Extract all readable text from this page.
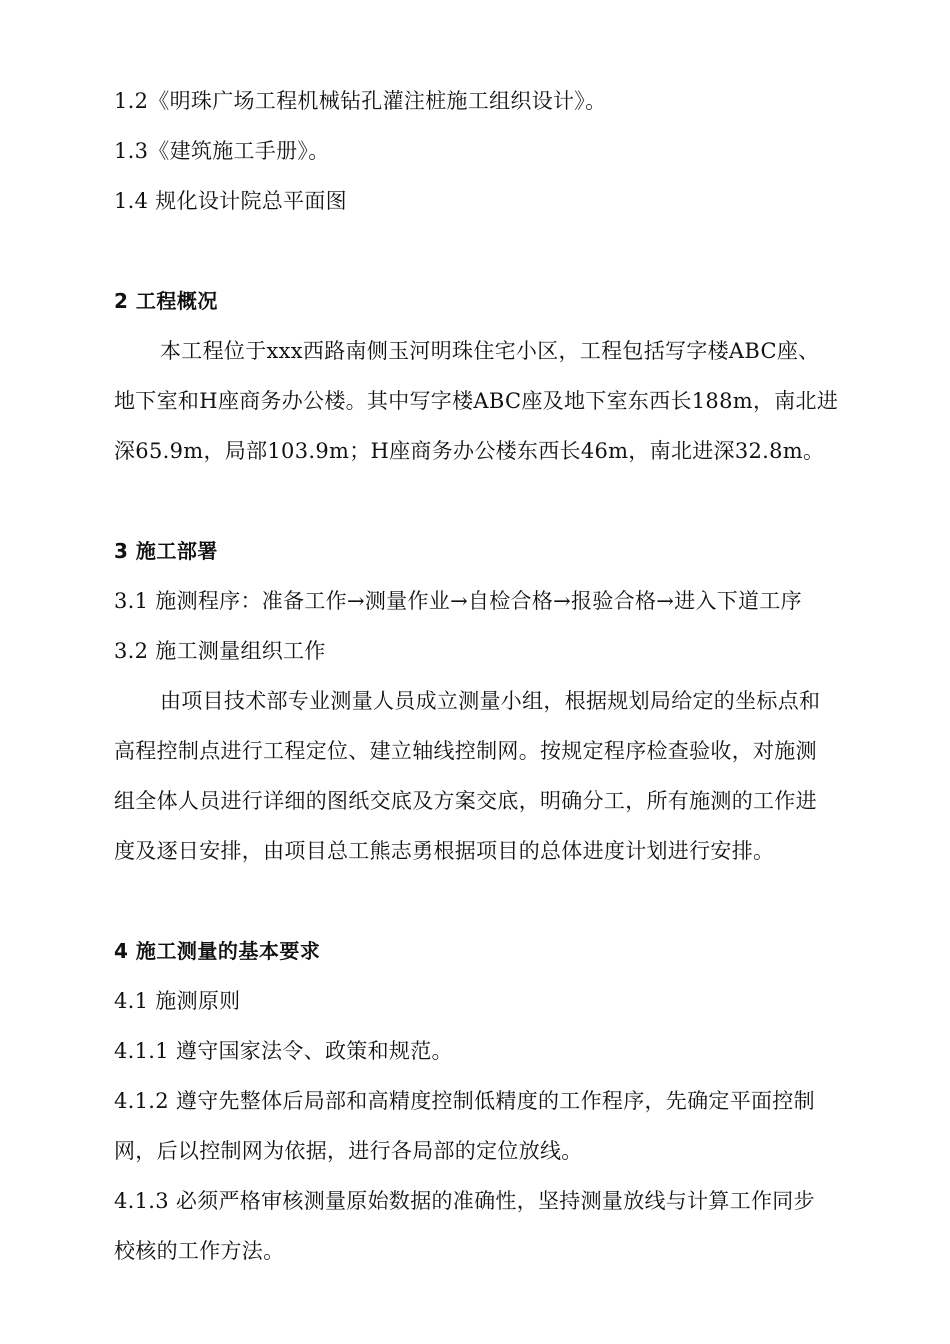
1.2《明珠广场工程机械钻孔灌注桩施工组织设计》。

1.3《建筑施工手册》。

1.4 规化设计院总平面图

2 工程概况

本工程位于xxx西路南侧玉河明珠住宅小区，工程包括写字楼ABC座、

地下室和H座商务办公楼。其中写字楼ABC座及地下室东西长188m，南北进

深65.9m，局部103.9m；H座商务办公楼东西长46m，南北进深32.8m。

3 施工部署

3.1 施测程序：准备工作→测量作业→自检合格→报验合格→进入下道工序

3.2 施工测量组织工作

由项目技术部专业测量人员成立测量小组，根据规划局给定的坐标点和

高程控制点进行工程定位、建立轴线控制网。按规定程序检查验收，对施测

组全体人员进行详细的图纸交底及方案交底，明确分工，所有施测的工作进

度及逐日安排，由项目总工熊志勇根据项目的总体进度计划进行安排。

4 施工测量的基本要求

4.1 施测原则

4.1.1 遵守国家法令、政策和规范。

4.1.2 遵守先整体后局部和高精度控制低精度的工作程序，先确定平面控制

网，后以控制网为依据，进行各局部的定位放线。

4.1.3 必须严格审核测量原始数据的准确性，坚持测量放线与计算工作同步

校核的工作方法。
